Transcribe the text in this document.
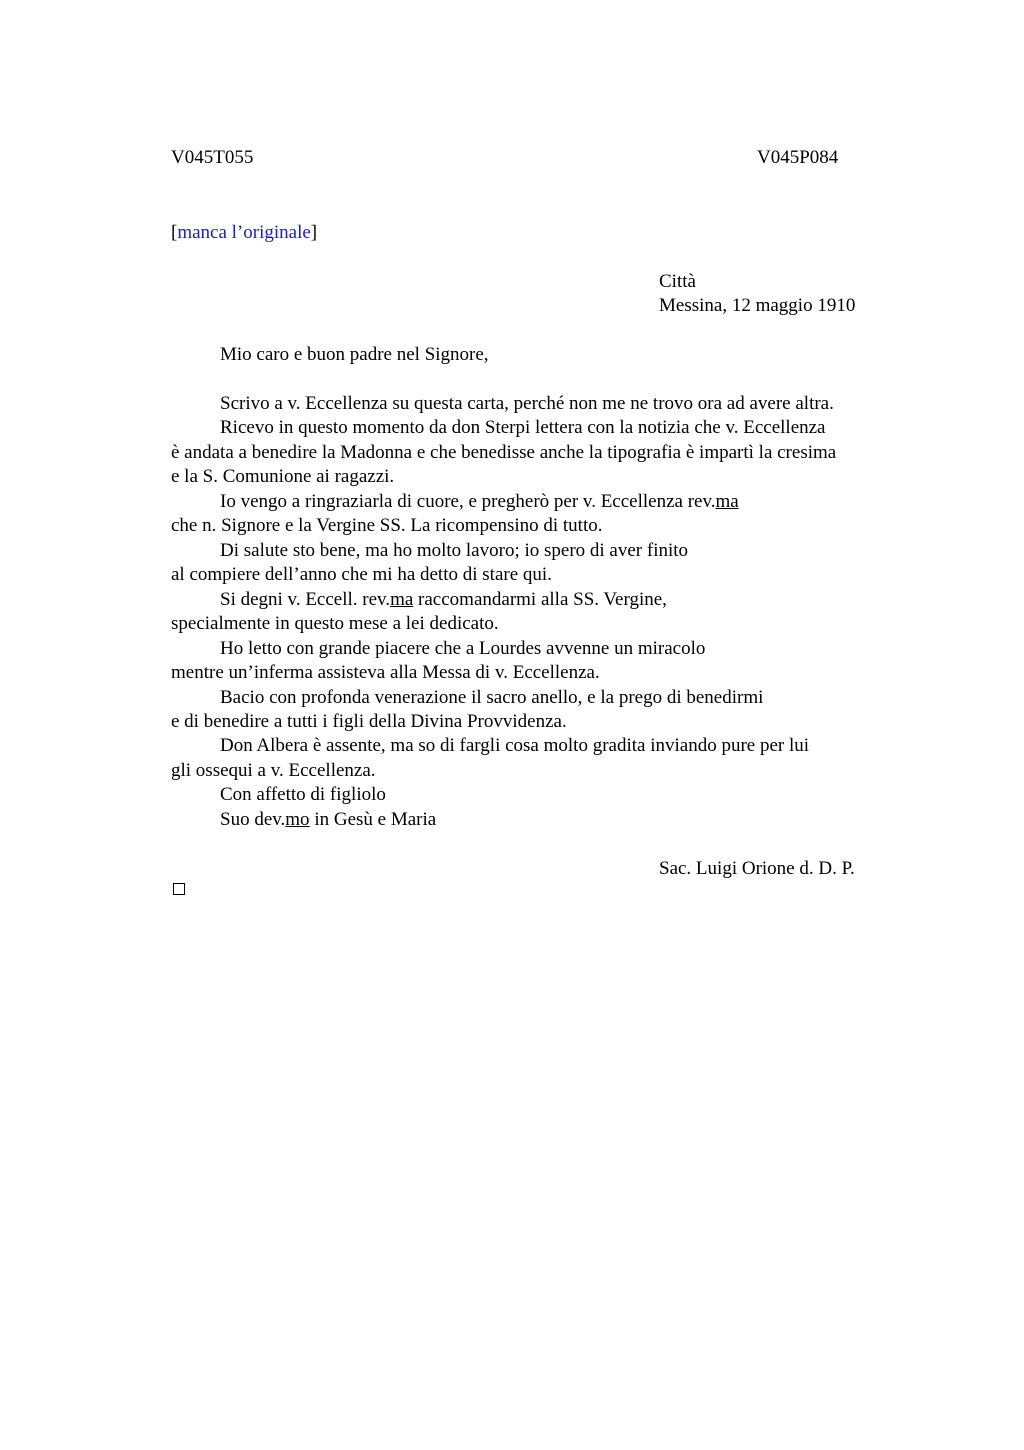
V045T055	V045P084
[manca l’originale]
Città
Messina, 12 maggio 1910
Mio caro e buon padre nel Signore,
Scrivo a v. Eccellenza su questa carta, perché non me ne trovo ora ad avere altra.
Ricevo in questo momento da don Sterpi lettera con la notizia che v. Eccellenza
è andata a benedire la Madonna e che benedisse anche la tipografia è impartì la cresima
e la S. Comunione ai ragazzi.
Io vengo a ringraziarla di cuore, e pregherò per v. Eccellenza rev.ma
che n. Signore e la Vergine SS. La ricompensino di tutto.
Di salute sto bene, ma ho molto lavoro; io spero di aver finito
al compiere dell’anno che mi ha detto di stare qui.
Si degni v. Eccell. rev.ma raccomandarmi alla SS. Vergine,
specialmente in questo mese a lei dedicato.
Ho letto con grande piacere che a Lourdes avvenne un miracolo
mentre un’inferma assisteva alla Messa di v. Eccellenza.
Bacio con profonda venerazione il sacro anello, e la prego di benedirmi
e di benedire a tutti i figli della Divina Provvidenza.
Don Albera è assente, ma so di fargli cosa molto gradita inviando pure per lui
gli ossequi a v. Eccellenza.
Con affetto di figliolo
Suo dev.mo in Gesù e Maria
Sac. Luigi Orione d. D. P.
